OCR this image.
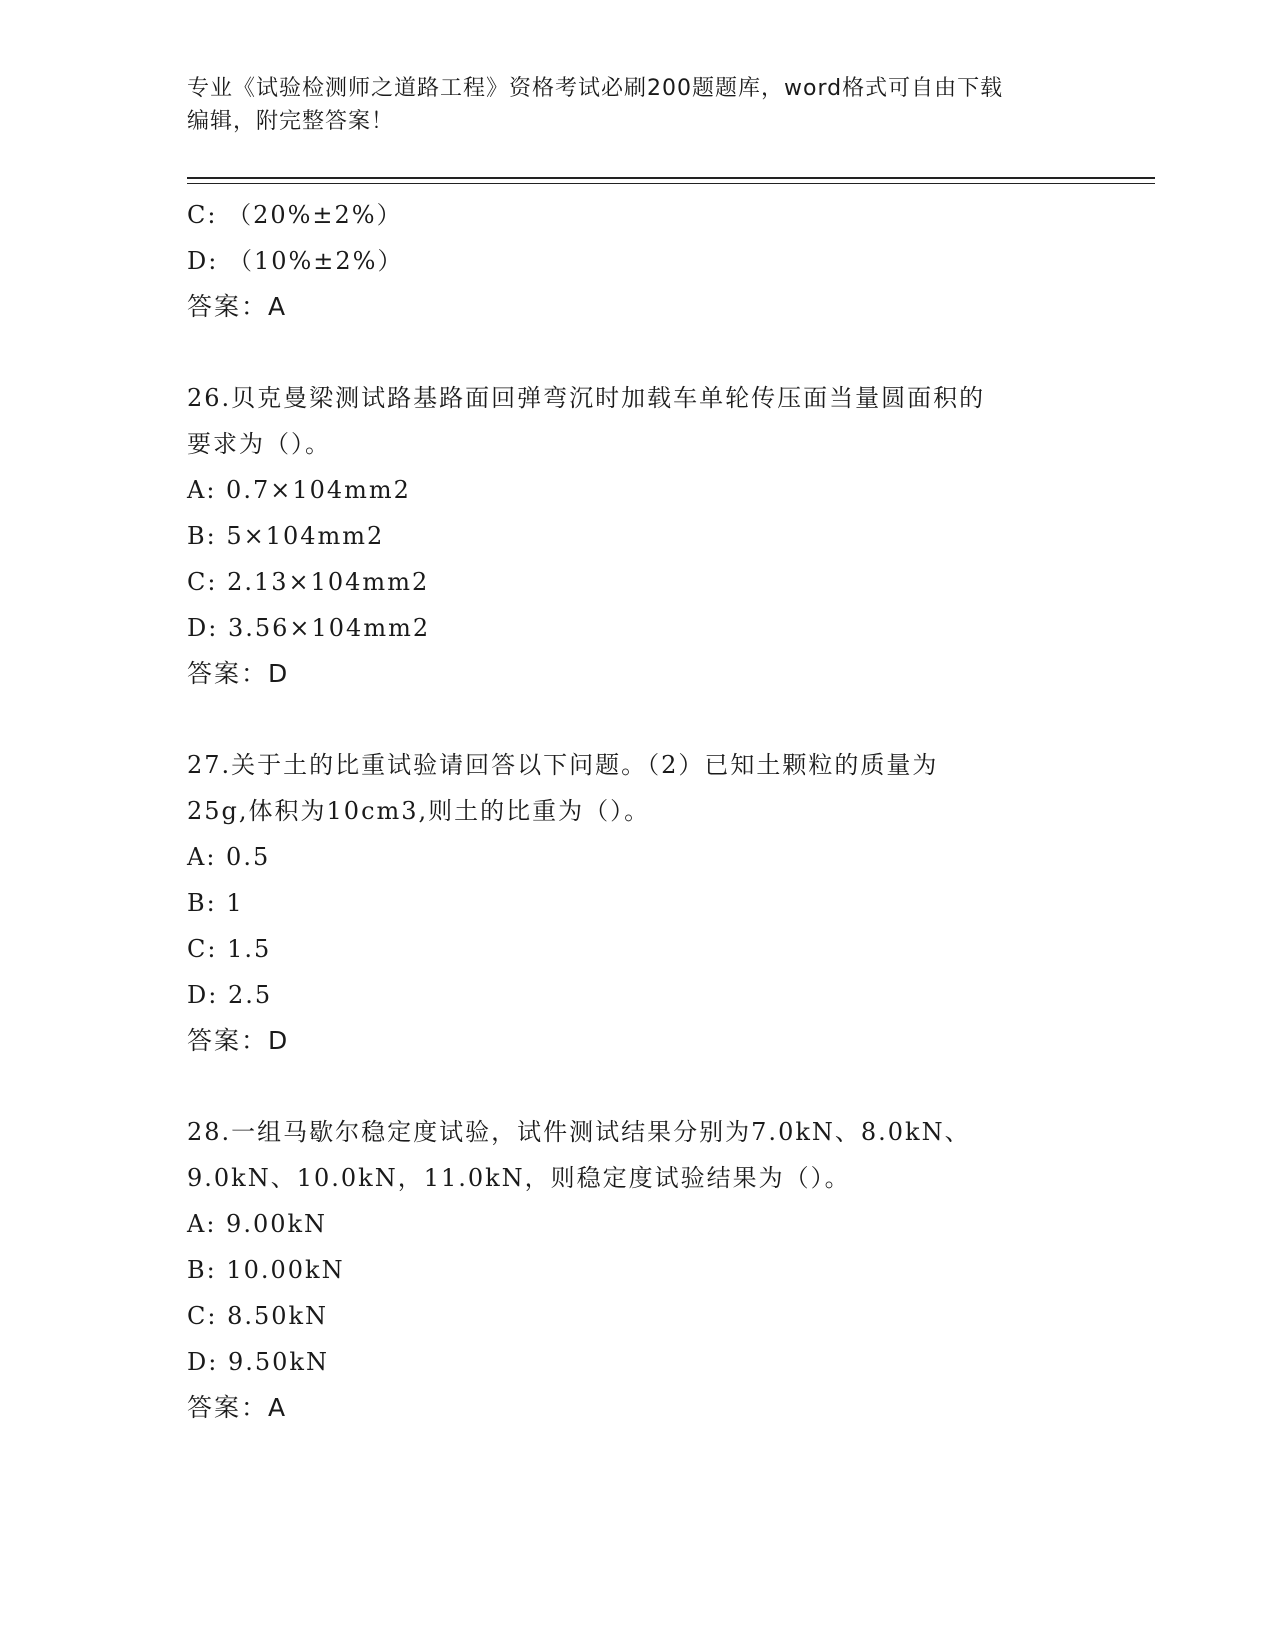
专业《试验检测师之道路工程》资格考试必刷200题题库，word格式可自由下载
编辑，附完整答案！
C: （20%±2%）
D: （10%±2%）
答案：A
26.贝克曼梁测试路基路面回弹弯沉时加载车单轮传压面当量圆面积的
要求为（）。
A: 0.7×104mm2
B: 5×104mm2
C: 2.13×104mm2
D: 3.56×104mm2
答案：D
27.关于土的比重试验请回答以下问题。（2）已知土颗粒的质量为
25g,体积为10cm3,则土的比重为（）。
A: 0.5
B: 1
C: 1.5
D: 2.5
答案：D
28.一组马歇尔稳定度试验，试件测试结果分别为7.0kN、8.0kN、
9.0kN、10.0kN，11.0kN，则稳定度试验结果为（）。
A: 9.00kN
B: 10.00kN
C: 8.50kN
D: 9.50kN
答案：A
